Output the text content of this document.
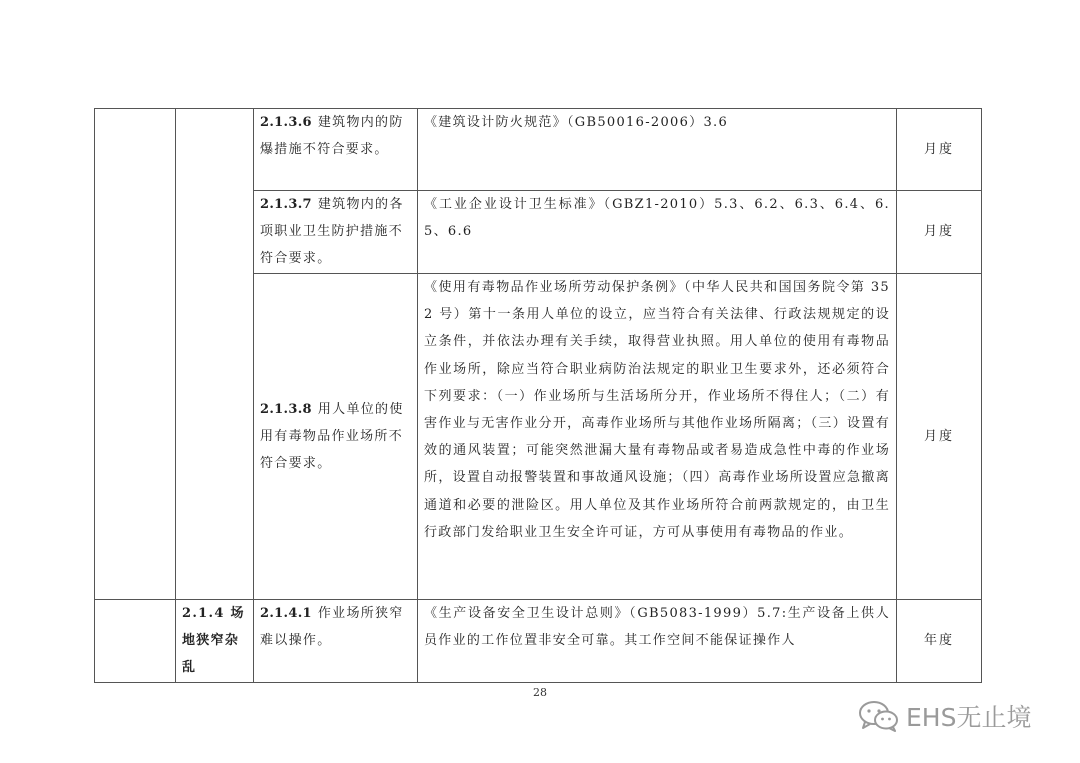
		2.1.3.6 建筑物内的防爆措施不符合要求。	《建筑设计防火规范》（GB50016-2006）3.6	月度
		2.1.3.7 建筑物内的各项职业卫生防护措施不符合要求。	《工业企业设计卫生标准》（GBZ1-2010）5.3、6.2、6.3、6.4、6.5、6.6	月度
		2.1.3.8 用人单位的使用有毒物品作业场所不符合要求。	《使用有毒物品作业场所劳动保护条例》（中华人民共和国国务院令第 352 号）第十一条用人单位的设立，应当符合有关法律、行政法规规定的设立条件，并依法办理有关手续，取得营业执照。用人单位的使用有毒物品作业场所，除应当符合职业病防治法规定的职业卫生要求外，还必须符合下列要求：（一）作业场所与生活场所分开，作业场所不得住人；（二）有害作业与无害作业分开，高毒作业场所与其他作业场所隔离；（三）设置有效的通风装置；可能突然泄漏大量有毒物品或者易造成急性中毒的作业场所，设置自动报警装置和事故通风设施；（四）高毒作业场所设置应急撤离通道和必要的泄险区。用人单位及其作业场所符合前两款规定的，由卫生行政部门发给职业卫生安全许可证，方可从事使用有毒物品的作业。	月度
	2.1.4 场地狭窄杂乱	2.1.4.1 作业场所狭窄难以操作。	《生产设备安全卫生设计总则》（GB5083-1999）5.7:生产设备上供人员作业的工作位置非安全可靠。其工作空间不能保证操作人	年度
28
EHS无止境
